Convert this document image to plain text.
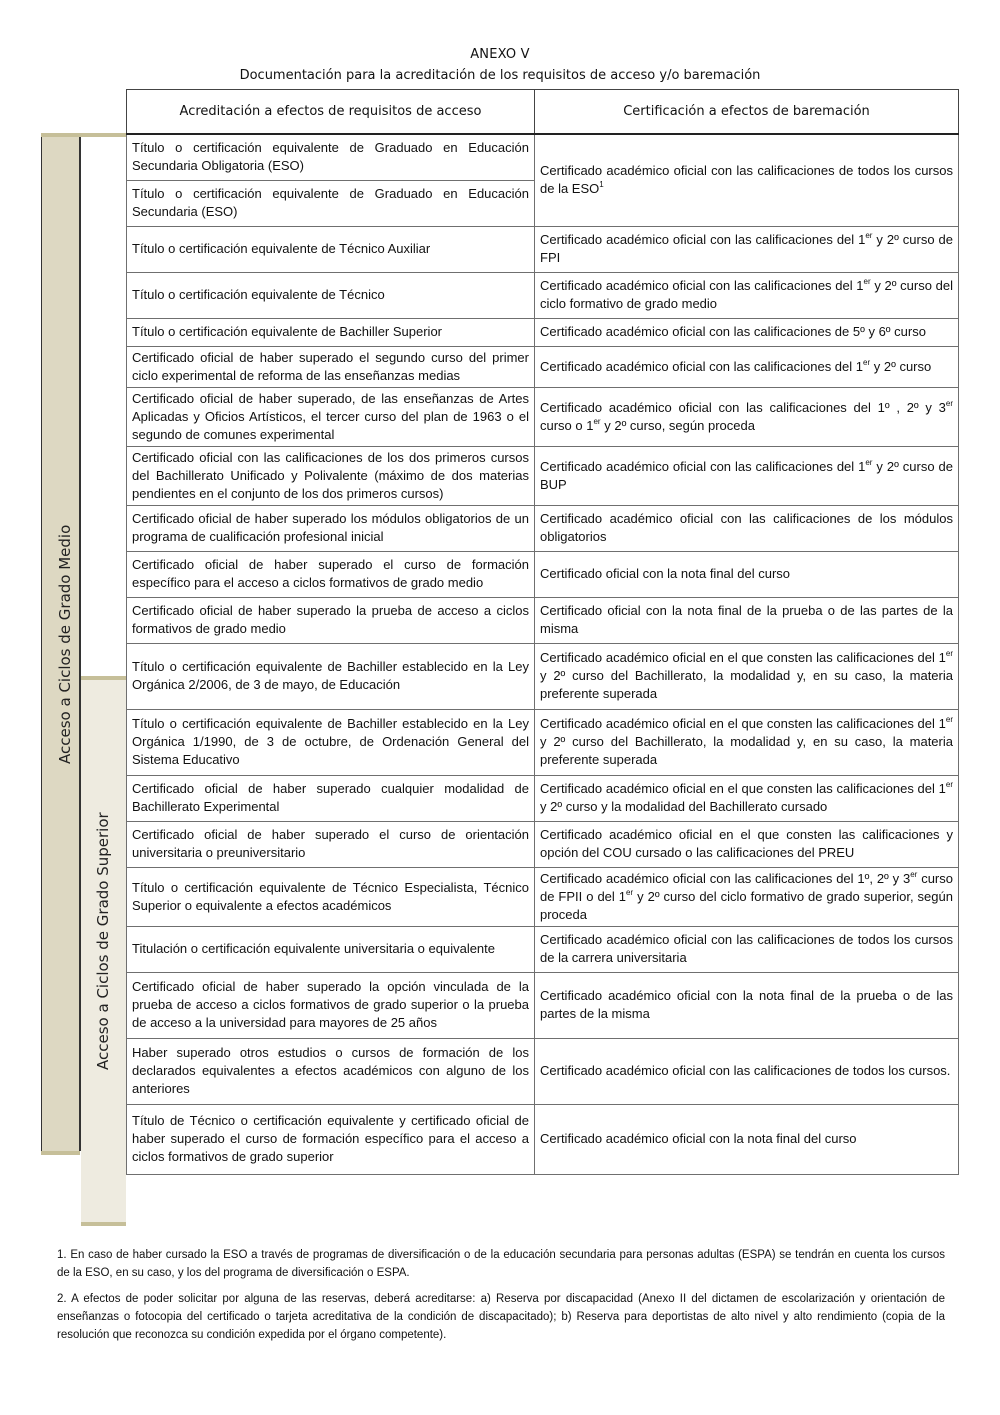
ANEXO V
Documentación para la acreditación de los requisitos de acceso y/o baremación
Acceso a Ciclos de Grado Medio
Acceso a Ciclos de Grado Superior
Acreditación a efectos de requisitos de acceso	Certificación a efectos de baremación
Título o certificación equivalente de Graduado en Educación Secundaria Obligatoria (ESO)	Certificado académico oficial con las calificaciones de todos los cursos de la ESO$^1$
Título o certificación equivalente de Graduado en Educación Secundaria (ESO)	
Título o certificación equivalente de Técnico Auxiliar	Certificado académico oficial con las calificaciones del 1er y 2º curso de FPI
Título o certificación equivalente de Técnico	Certificado académico oficial con las calificaciones del 1er y 2º curso del ciclo formativo de grado medio
Título o certificación equivalente de Bachiller Superior	Certificado académico oficial con las calificaciones de 5º y 6º curso
Certificado oficial de haber superado el segundo curso del primer ciclo experimental de reforma de las enseñanzas medias	Certificado académico oficial con las calificaciones del 1er y 2º curso
Certificado oficial de haber superado, de las enseñanzas de Artes Aplicadas y Oficios Artísticos, el tercer curso del plan de 1963 o el segundo de comunes experimental	Certificado académico oficial con las calificaciones del 1º , 2º y 3er curso o 1er y 2º curso, según proceda
Certificado oficial con las calificaciones de los dos primeros cursos del Bachillerato Unificado y Polivalente (máximo de dos materias pendientes en el conjunto de los dos primeros cursos)	Certificado académico oficial con las calificaciones del 1er y 2º curso de BUP
Certificado oficial de haber superado los módulos obligatorios de un programa de cualificación profesional inicial	Certificado académico oficial con las calificaciones de los módulos obligatorios
Certificado oficial de haber superado el curso de formación específico para el acceso a ciclos formativos de grado medio	Certificado oficial con la nota final del curso
Certificado oficial de haber superado la prueba de acceso a ciclos formativos de grado medio	Certificado oficial con la nota final de la prueba o de las partes de la misma
Título o certificación equivalente de Bachiller establecido en la Ley Orgánica 2/2006, de 3 de mayo, de Educación	Certificado académico oficial en el que consten las calificaciones del 1er y 2º curso del Bachillerato, la modalidad y, en su caso, la materia preferente superada
Título o certificación equivalente de Bachiller establecido en la Ley Orgánica 1/1990, de 3 de octubre, de Ordenación General del Sistema Educativo	Certificado académico oficial en el que consten las calificaciones del 1er y 2º curso del Bachillerato, la modalidad y, en su caso, la materia preferente superada
Certificado oficial de haber superado cualquier modalidad de Bachillerato Experimental	Certificado académico oficial en el que consten las calificaciones del 1er y 2º curso y la modalidad del Bachillerato cursado
Certificado oficial de haber superado el curso de orientación universitaria o preuniversitario	Certificado académico oficial en el que consten las calificaciones y opción del COU cursado o las calificaciones del PREU
Título o certificación equivalente de Técnico Especialista, Técnico Superior o equivalente a efectos académicos	Certificado académico oficial con las calificaciones del 1º, 2º y 3er curso de FPII o del 1er y 2º curso del ciclo formativo de grado superior, según proceda
Titulación o certificación equivalente universitaria o equivalente	Certificado académico oficial con las calificaciones de todos los cursos de la carrera universitaria
Certificado oficial de haber superado la opción vinculada de la prueba de acceso a ciclos formativos de grado superior o la prueba de acceso a la universidad para mayores de 25 años	Certificado académico oficial con la nota final de la prueba o de las partes de la misma
Haber superado otros estudios o cursos de formación de los declarados equivalentes a efectos académicos con alguno de los anteriores	Certificado académico oficial con las calificaciones de todos los cursos.
Título de Técnico o certificación equivalente y certificado oficial de haber superado el curso de formación específico para el acceso a ciclos formativos de grado superior	Certificado académico oficial con la nota final del curso
1. En caso de haber cursado la ESO a través de programas de diversificación o de la educación secundaria para personas adultas (ESPA) se tendrán en cuenta los cursos de la ESO, en su caso, y los del programa de diversificación o ESPA.
2. A efectos de poder solicitar por alguna de las reservas, deberá acreditarse: a) Reserva por discapacidad (Anexo II del dictamen de escolarización y orientación de enseñanzas o fotocopia del certificado o tarjeta acreditativa de la condición de discapacitado); b) Reserva para deportistas de alto nivel y alto rendimiento (copia de la resolución que reconozca su condición expedida por el órgano competente).
